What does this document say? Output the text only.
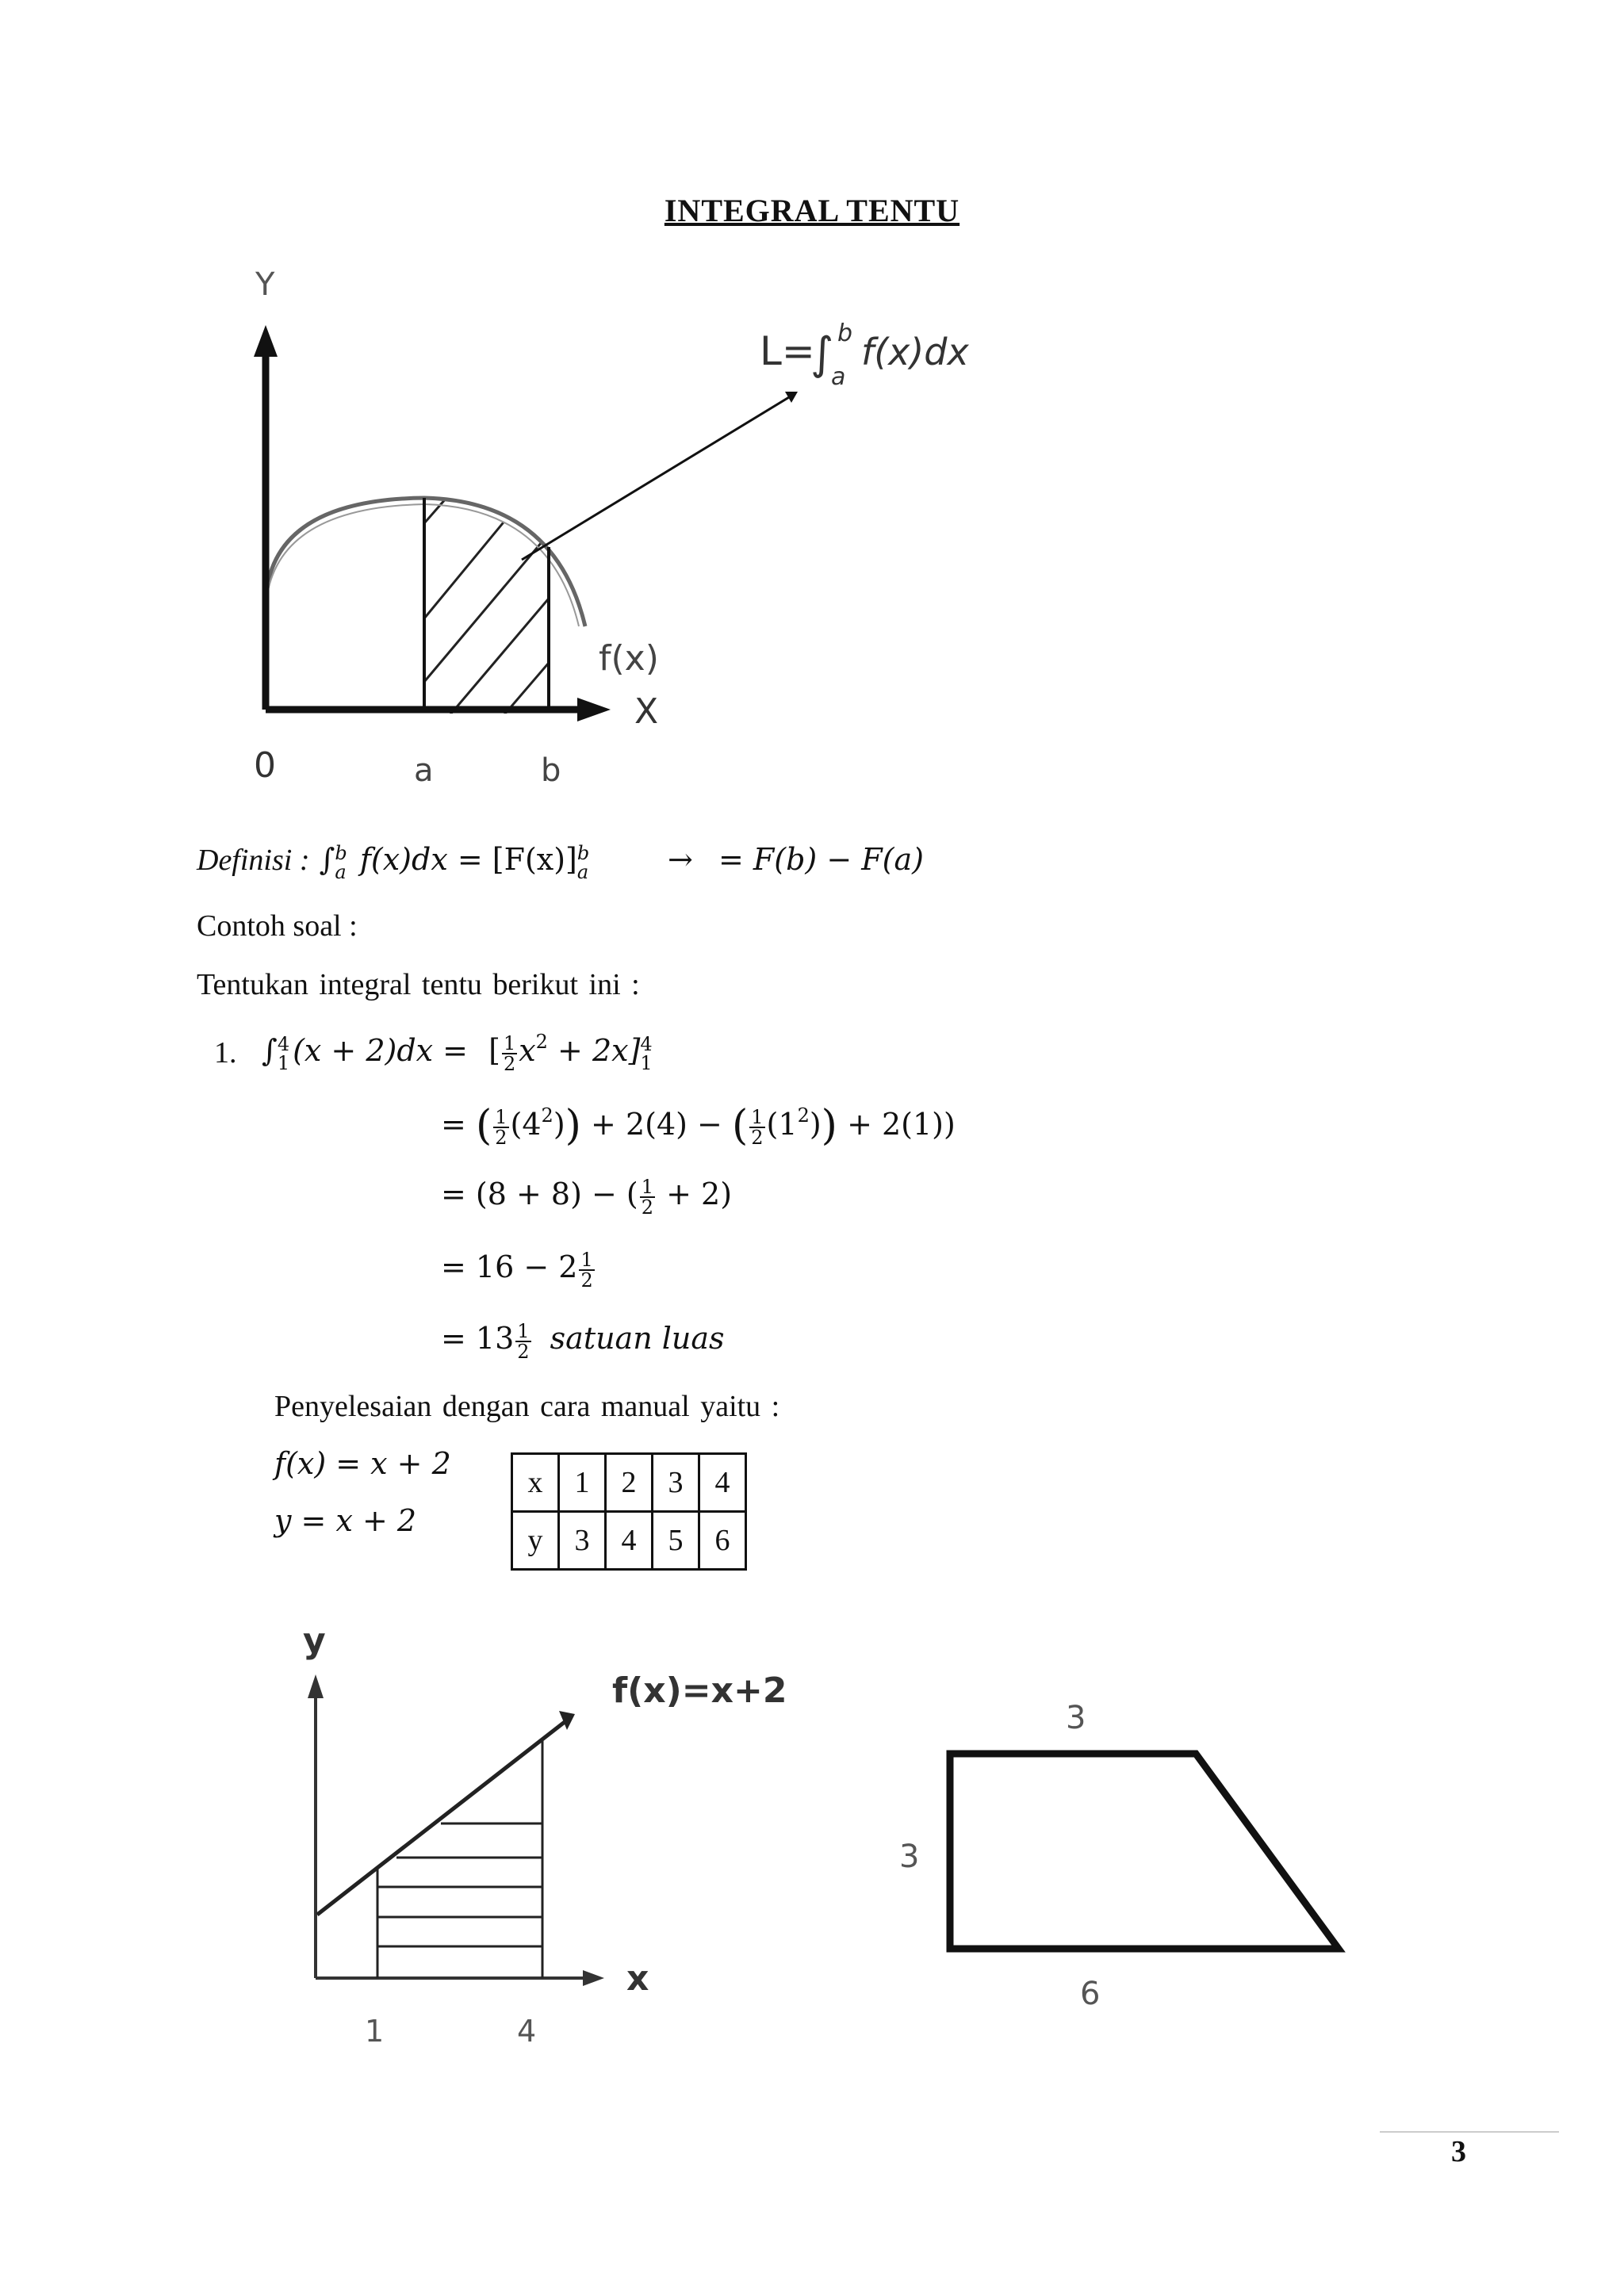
INTEGRAL TENTU
Y
X
0	a	b
f(x)
L=
∫ b
a
f(x)dx
Definisi : ∫ b
a f(x)dx = [F(x)] b
a	→ = F(b) − F(a)
Contoh soal :
Tentukan integral tentu berikut ini :
1. ∫ 4
1 (x + 2)dx = [ $\frac{1}{2} x^2 + 2x$] 4
1
= ( $\frac{1}{2} (4^2)) + 2(4)$ − ( $\frac{1}{2} (1^2)) + 2(1)$)
= (8 + 8) − ( $\frac{1}{2} + 2$)
= $16 - 2 \frac{1}{2}$
= $13 \frac{1}{2}$ satuan luas
Penyelesaian dengan cara manual yaitu :
f(x) = x + 2
y = x + 2
x	1	2	3	4
y	3	4	5	6
y
x
f(x)=x+2
1	4
3
3
6
3
